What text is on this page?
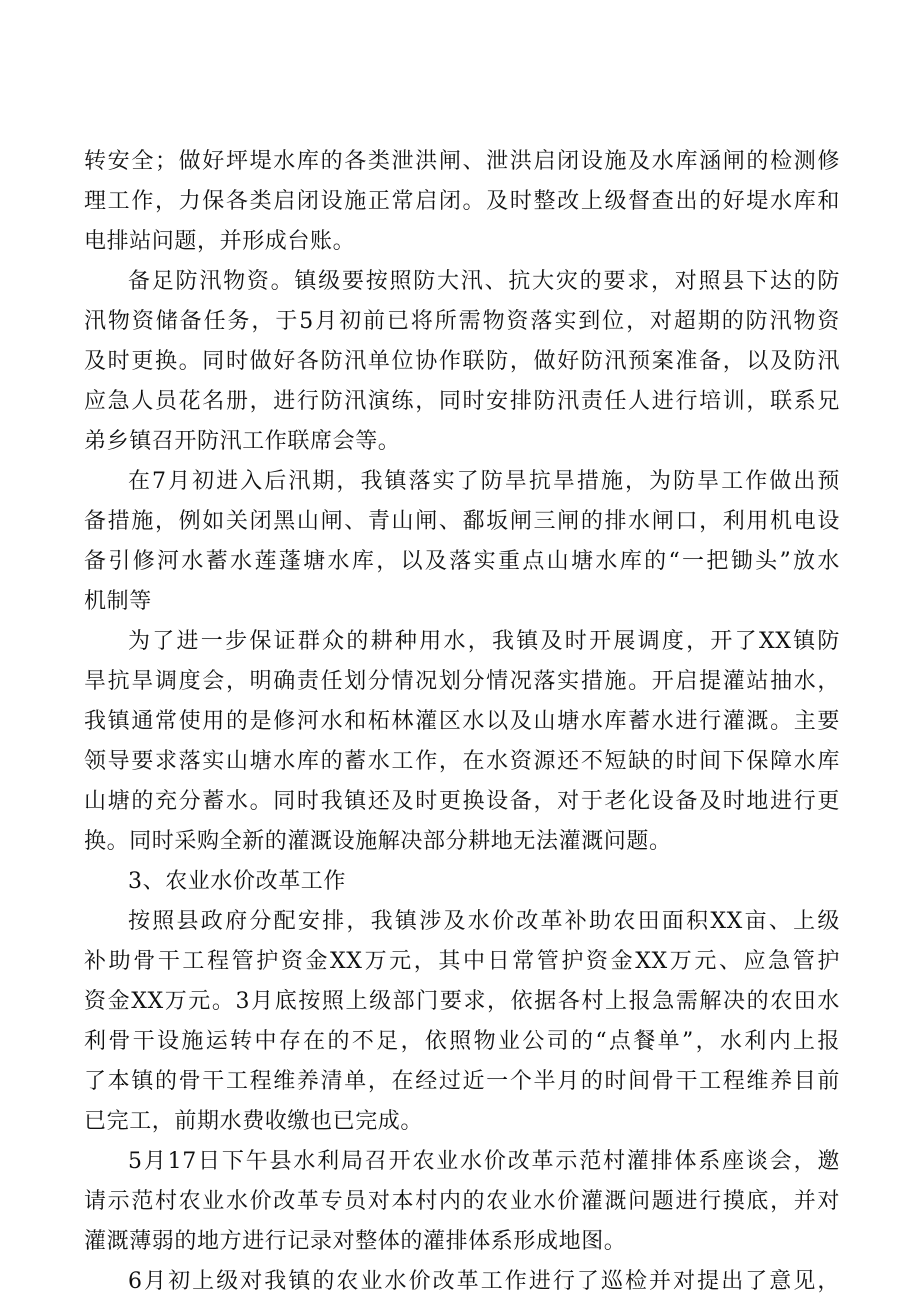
转安全；做好坪堤水库的各类泄洪闸、泄洪启闭设施及水库涵闸的检测修
理工作，力保各类启闭设施正常启闭。及时整改上级督查出的好堤水库和
电排站问题，并形成台账。
备足防汛物资。镇级要按照防大汛、抗大灾的要求，对照县下达的防
汛物资储备任务，于5月初前已将所需物资落实到位，对超期的防汛物资
及时更换。同时做好各防汛单位协作联防，做好防汛预案准备，以及防汛
应急人员花名册，进行防汛演练，同时安排防汛责任人进行培训，联系兄
弟乡镇召开防汛工作联席会等。
在7月初进入后汛期，我镇落实了防旱抗旱措施，为防旱工作做出预
备措施，例如关闭黑山闸、青山闸、鄱坂闸三闸的排水闸口，利用机电设
备引修河水蓄水莲蓬塘水库，以及落实重点山塘水库的“一把锄头”放水
机制等
为了进一步保证群众的耕种用水，我镇及时开展调度，开了XX镇防
旱抗旱调度会，明确责任划分情况划分情况落实措施。开启提灌站抽水，
我镇通常使用的是修河水和柘林灌区水以及山塘水库蓄水进行灌溉。主要
领导要求落实山塘水库的蓄水工作，在水资源还不短缺的时间下保障水库
山塘的充分蓄水。同时我镇还及时更换设备，对于老化设备及时地进行更
换。同时采购全新的灌溉设施解决部分耕地无法灌溉问题。
3、农业水价改革工作
按照县政府分配安排，我镇涉及水价改革补助农田面积XX亩、上级
补助骨干工程管护资金XX万元，其中日常管护资金XX万元、应急管护
资金XX万元。3月底按照上级部门要求，依据各村上报急需解决的农田水
利骨干设施运转中存在的不足，依照物业公司的“点餐单”，水利内上报
了本镇的骨干工程维养清单，在经过近一个半月的时间骨干工程维养目前
已完工，前期水费收缴也已完成。
5月17日下午县水利局召开农业水价改革示范村灌排体系座谈会，邀
请示范村农业水价改革专员对本村内的农业水价灌溉问题进行摸底，并对
灌溉薄弱的地方进行记录对整体的灌排体系形成地图。
6月初上级对我镇的农业水价改革工作进行了巡检并对提出了意见，
